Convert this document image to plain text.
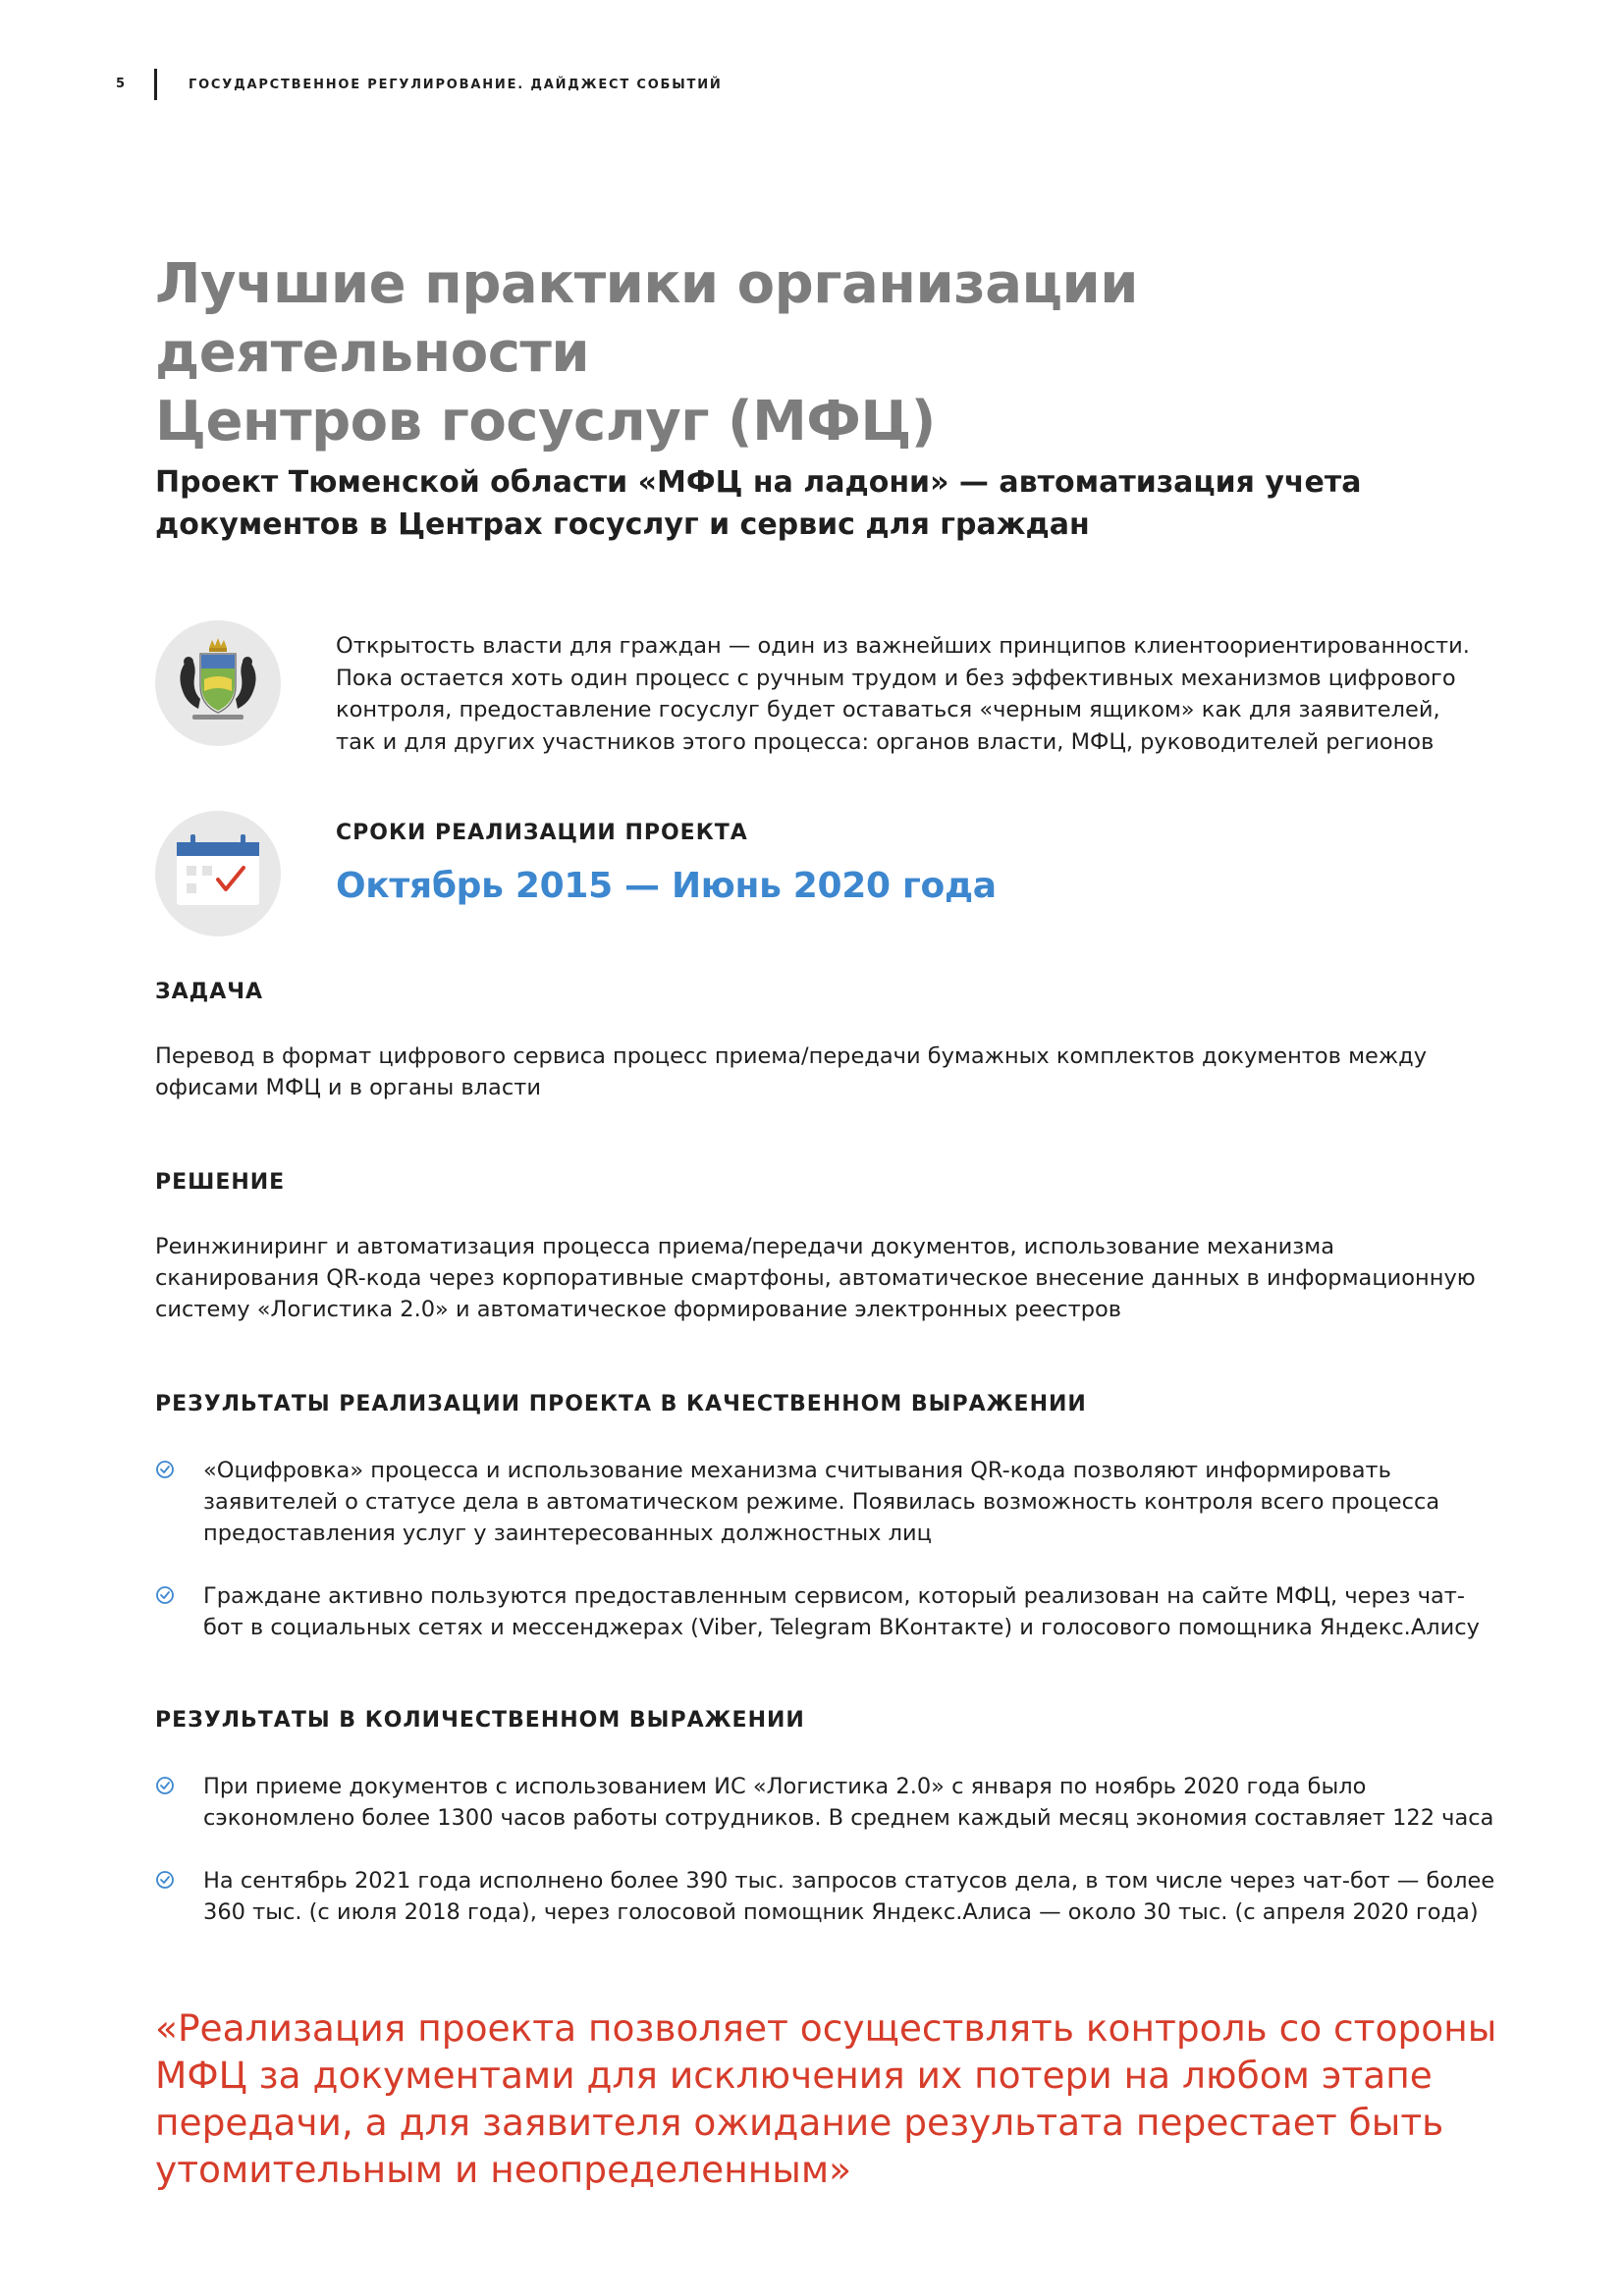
5	ГОСУДАРСТВЕННОЕ РЕГУЛИРОВАНИЕ. ДАЙДЖЕСТ СОБЫТИЙ
Лучшие практики организации деятельности
Центров госуслуг (МФЦ)
Проект Тюменской области «МФЦ на ладони» — автоматизация учета
документов в Центрах госуслуг и сервис для граждан
Открытость власти для граждан — один из важнейших принципов клиентоориентированности.
Пока остается хоть один процесс с ручным трудом и без эффективных механизмов цифрового
контроля, предоставление госуслуг будет оставаться «черным ящиком» как для заявителей,
так и для других участников этого процесса: органов власти, МФЦ, руководителей регионов
СРОКИ РЕАЛИЗАЦИИ ПРОЕКТА
Октябрь 2015 — Июнь 2020 года
ЗАДАЧА
Перевод в формат цифрового сервиса процесс приема/передачи бумажных комплектов документов между
офисами МФЦ и в органы власти
РЕШЕНИЕ
Реинжиниринг и автоматизация процесса приема/передачи документов, использование механизма
сканирования QR-кода через корпоративные смартфоны, автоматическое внесение данных в информационную
систему «Логистика 2.0» и автоматическое формирование электронных реестров
РЕЗУЛЬТАТЫ РЕАЛИЗАЦИИ ПРОЕКТА В КАЧЕСТВЕННОМ ВЫРАЖЕНИИ
«Оцифровка» процесса и использование механизма считывания QR-кода позволяют информировать
заявителей о статусе дела в автоматическом режиме. Появилась возможность контроля всего процесса
предоставления услуг у заинтересованных должностных лиц
Граждане активно пользуются предоставленным сервисом, который реализован на сайте МФЦ, через чат-
бот в социальных сетях и мессенджерах (Viber, Telegram ВКонтакте) и голосового помощника Яндекс.Алису
РЕЗУЛЬТАТЫ В КОЛИЧЕСТВЕННОМ ВЫРАЖЕНИИ
При приеме документов с использованием ИС «Логистика 2.0» с января по ноябрь 2020 года было
сэкономлено более 1300 часов работы сотрудников. В среднем каждый месяц экономия составляет 122 часа
На сентябрь 2021 года исполнено более 390 тыс. запросов статусов дела, в том числе через чат-бот — более
360 тыс. (с июля 2018 года), через голосовой помощник Яндекс.Алиса — около 30 тыс. (с апреля 2020 года)
«Реализация проекта позволяет осуществлять контроль со стороны
МФЦ за документами для исключения их потери на любом этапе
передачи, а для заявителя ожидание результата перестает быть
утомительным и неопределенным»
